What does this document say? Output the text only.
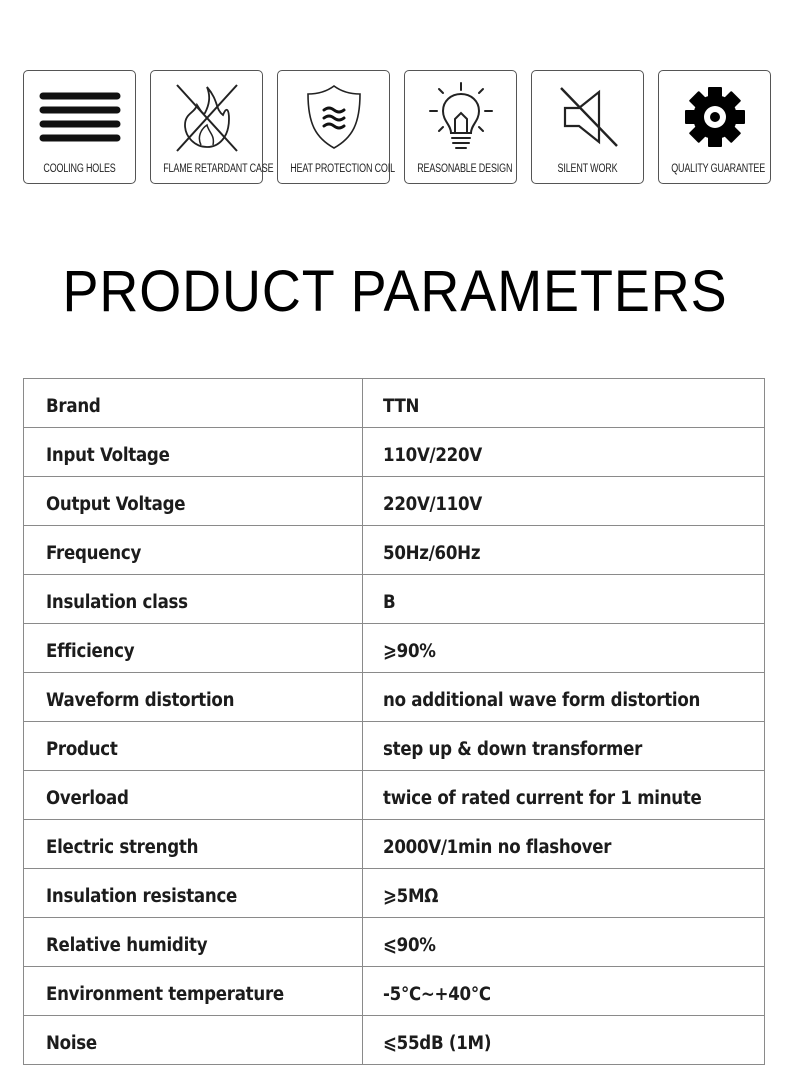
COOLING HOLES	FLAME RETARDANT CASE HEAT PROTECTION COIL REASONABLE DESIGN	SILENT WORK	QUALITY GUARANTEE
PRODUCT PARAMETERS
Brand	TTN
Input Voltage	110V/220V
Output Voltage	220V/110V
Frequency	50Hz/60Hz
Insulation class	B
Efficiency	⩾90%
Waveform distortion	no additional wave form distortion
Product	step up & down transformer
Overload	twice of rated current for 1 minute
Electric strength	2000V/1min no flashover
Insulation resistance	⩾5MΩ
Relative humidity	⩽90%
Environment temperature	-5℃~+40℃
Noise	⩽55dB (1M)
